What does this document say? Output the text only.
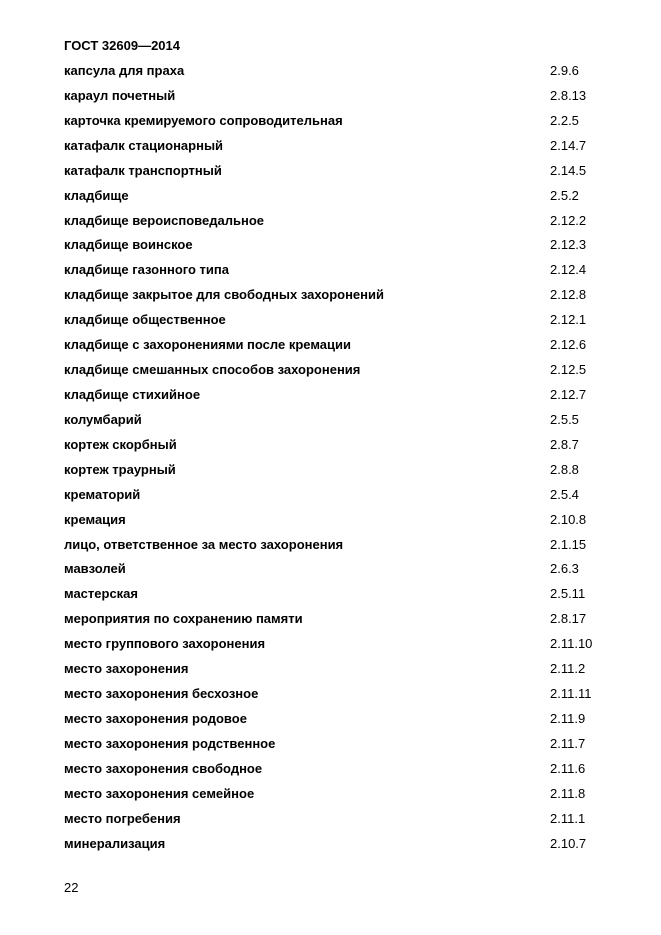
ГОСТ 32609—2014
капсула для праха	2.9.6
караул почетный	2.8.13
карточка кремируемого сопроводительная	2.2.5
катафалк стационарный	2.14.7
катафалк транспортный	2.14.5
кладбище	2.5.2
кладбище вероисповедальное	2.12.2
кладбище воинское	2.12.3
кладбище газонного типа	2.12.4
кладбище закрытое для свободных захоронений	2.12.8
кладбище общественное	2.12.1
кладбище с захоронениями после кремации	2.12.6
кладбище смешанных способов захоронения	2.12.5
кладбище стихийное	2.12.7
колумбарий	2.5.5
кортеж скорбный	2.8.7
кортеж траурный	2.8.8
крематорий	2.5.4
кремация	2.10.8
лицо, ответственное за место захоронения	2.1.15
мавзолей	2.6.3
мастерская	2.5.11
мероприятия по сохранению памяти	2.8.17
место группового захоронения	2.11.10
место захоронения	2.11.2
место захоронения бесхозное	2.11.11
место захоронения родовое	2.11.9
место захоронения родственное	2.11.7
место захоронения свободное	2.11.6
место захоронения семейное	2.11.8
место погребения	2.11.1
минерализация	2.10.7
22
